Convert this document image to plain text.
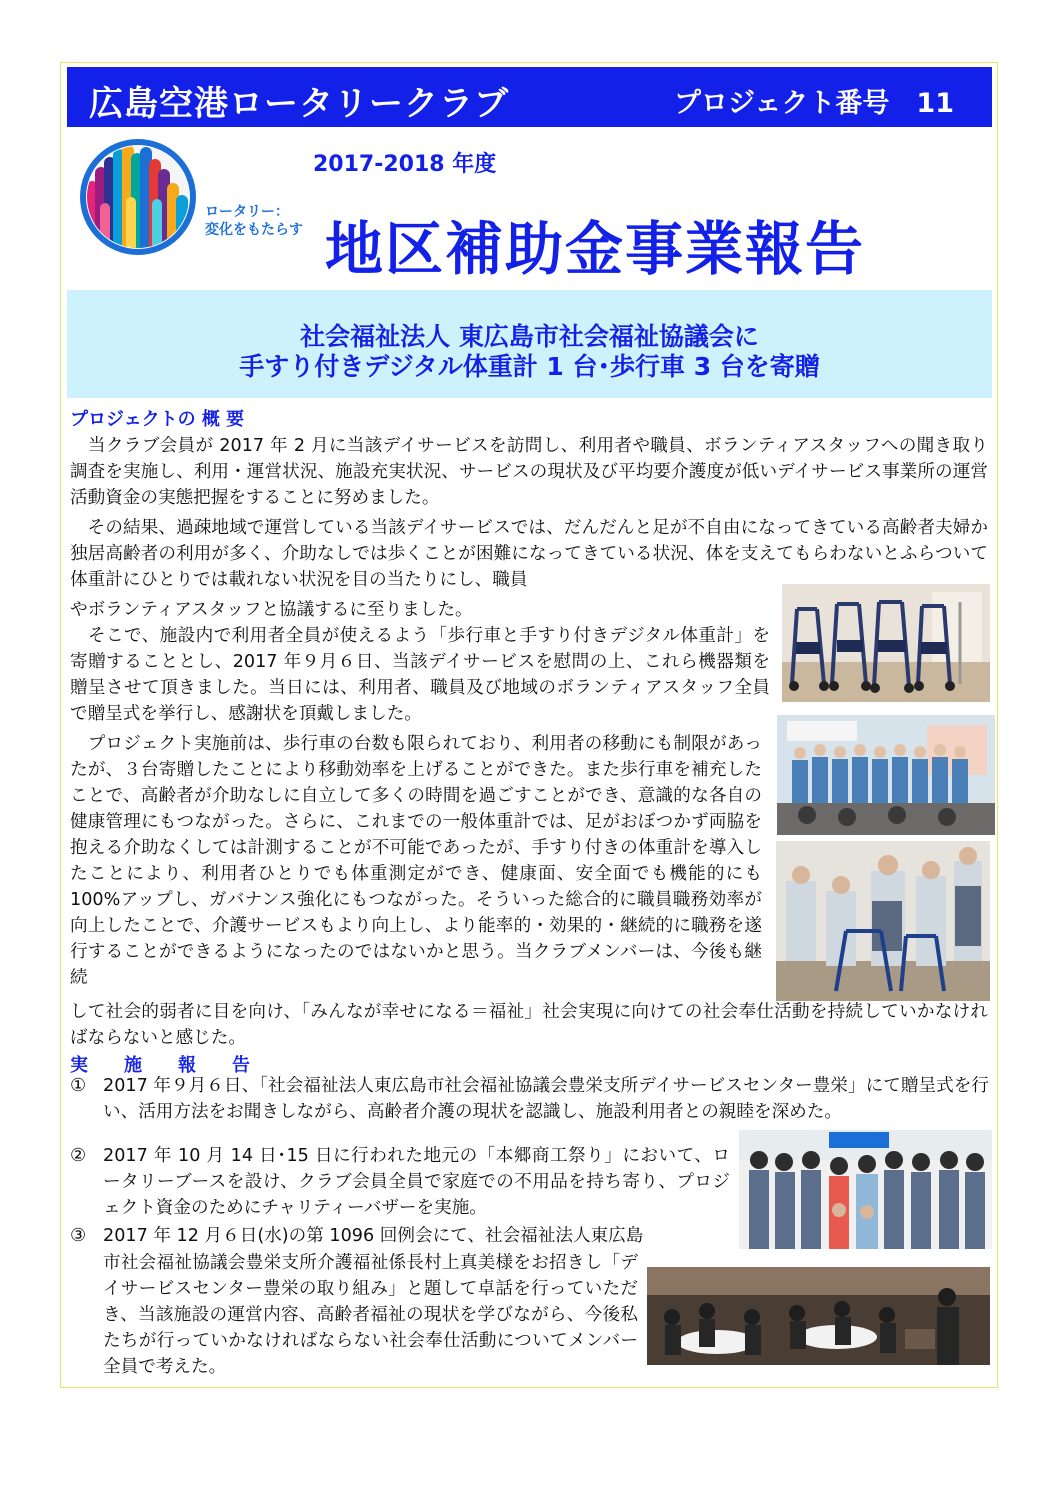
広島空港ロータリークラブ	プロジェクト番号　11
2017-2018 年度
ロータリー：
変化をもたらす 地区補助金事業報告
社会福祉法人 東広島市社会福祉協議会に
手すり付きデジタル体重計 1 台･歩行車 3 台を寄贈
プロジェクトの 概 要

　当クラブ会員が 2017 年 2 月に当該デイサービスを訪問し、利用者や職員、ボランティアスタッフへの聞き取り調査を実施し、利用・運営状況、施設充実状況、サービスの現状及び平均要介護度が低いデイサービス事業所の運営活動資金の実態把握をすることに努めました。

　その結果、過疎地域で運営している当該デイサービスでは、だんだんと足が不自由になってきている高齢者夫婦か独居高齢者の利用が多く、介助なしでは歩くことが困難になってきている状況、体を支えてもらわないとふらついて体重計にひとりでは載れない状況を目の当たりにし、職員

やボランティアスタッフと協議するに至りました。

　そこで、施設内で利用者全員が使えるよう「歩行車と手すり付きデジタル体重計」を寄贈することとし、2017 年９月６日、当該デイサービスを慰問の上、これら機器類を贈呈させて頂きました。当日には、利用者、職員及び地域のボランティアスタッフ全員で贈呈式を挙行し、感謝状を頂戴しました。

　プロジェクト実施前は、歩行車の台数も限られており、利用者の移動にも制限があったが、３台寄贈したことにより移動効率を上げることができた。また歩行車を補充したことで、高齢者が介助なしに自立して多くの時間を過ごすことができ、意識的な各自の健康管理にもつながった。さらに、これまでの一般体重計では、足がおぼつかず両脇を抱える介助なくしては計測することが不可能であったが、手すり付きの体重計を導入したことにより、利用者ひとりでも体重測定ができ、健康面、安全面でも機能的にも 100%アップし、ガバナンス強化にもつながった。そういった総合的に職員職務効率が向上したことで、介護サービスもより向上し、より能率的・効果的・継続的に職務を遂行することができるようになったのではないかと思う。当クラブメンバーは、今後も継続

して社会的弱者に目を向け、「みんなが幸せになる＝福祉」社会実現に向けての社会奉仕活動を持続していかなければならないと感じた。

実　　施　　報　　告
① 2017 年９月６日、「社会福祉法人東広島市社会福祉協議会豊栄支所デイサービスセンター豊栄」にて贈呈式を行い、活用方法をお聞きしながら、高齢者介護の現状を認識し、施設利用者との親睦を深めた。

② 2017 年 10 月 14 日･15 日に行われた地元の「本郷商工祭り」において、ロータリーブースを設け、クラブ会員全員で家庭での不用品を持ち寄り、プロジェクト資金のためにチャリティーバザーを実施。

③ 2017 年 12 月６日(水)の第 1096 回例会にて、社会福祉法人東広島

市社会福祉協議会豊栄支所介護福祉係長村上真美様をお招きし「デイサービスセンター豊栄の取り組み」と題して卓話を行っていただき、当該施設の運営内容、高齢者福祉の現状を学びながら、今後私たちが行っていかなければならない社会奉仕活動についてメンバー全員で考えた。
